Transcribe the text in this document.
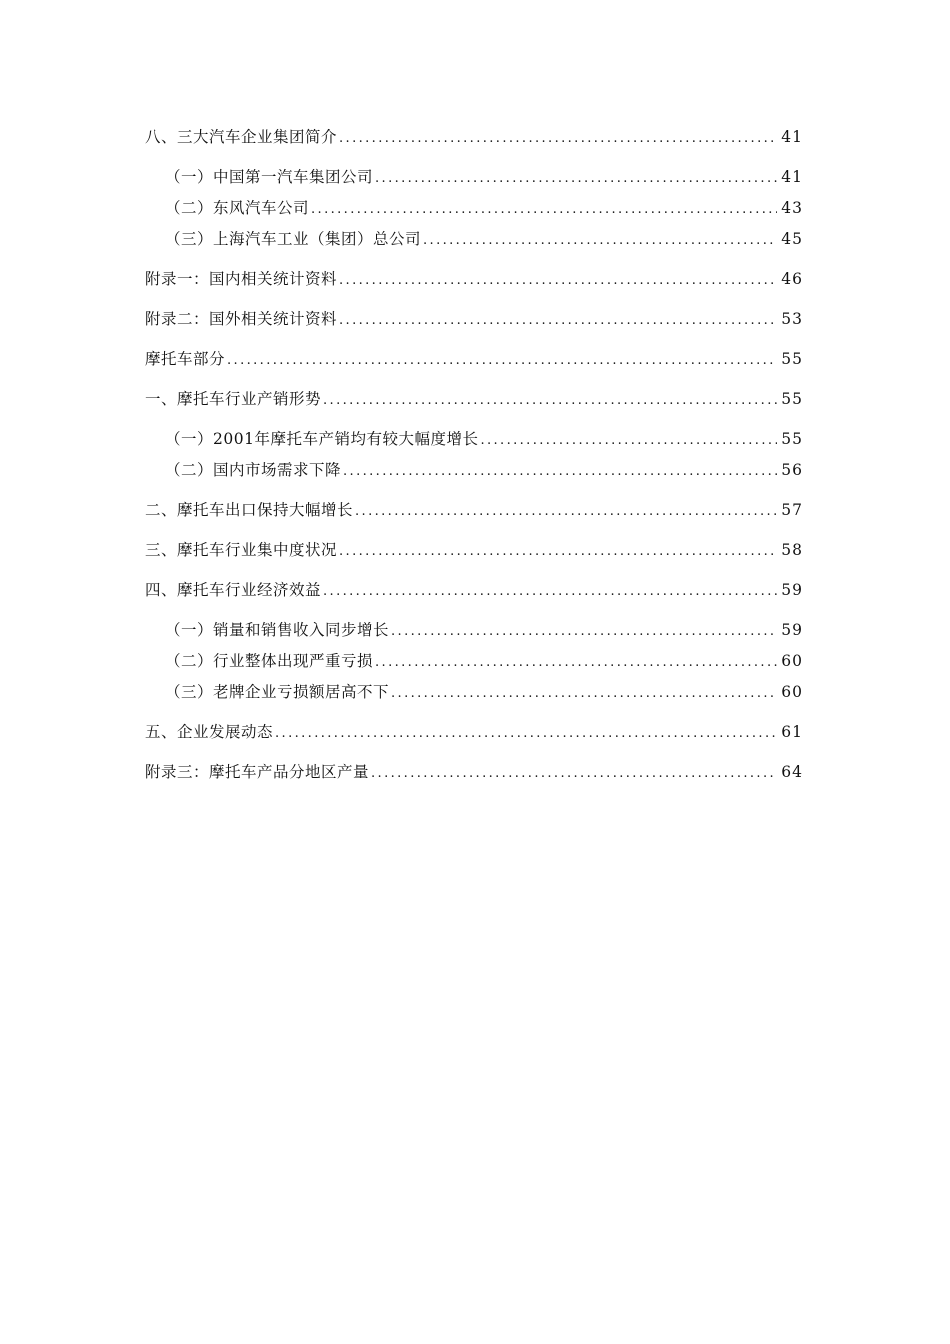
八、三大汽车企业集团简介 .....	41
（一）中国第一汽车集团公司 .....	41
（二）东风汽车公司 .....	43
（三）上海汽车工业（集团）总公司 .....	45
附录一：国内相关统计资料 .....	46
附录二：国外相关统计资料 .....	53
摩托车部分 .....	55
一、摩托车行业产销形势 .....	55
（一）2001年摩托车产销均有较大幅度增长 .....	55
（二）国内市场需求下降 .....	56
二、摩托车出口保持大幅增长 .....	57
三、摩托车行业集中度状况 .....	58
四、摩托车行业经济效益 .....	59
（一）销量和销售收入同步增长 .....	59
（二）行业整体出现严重亏损 .....	60
（三）老牌企业亏损额居高不下 .....	60
五、企业发展动态 .....	61
附录三：摩托车产品分地区产量 .....	64
